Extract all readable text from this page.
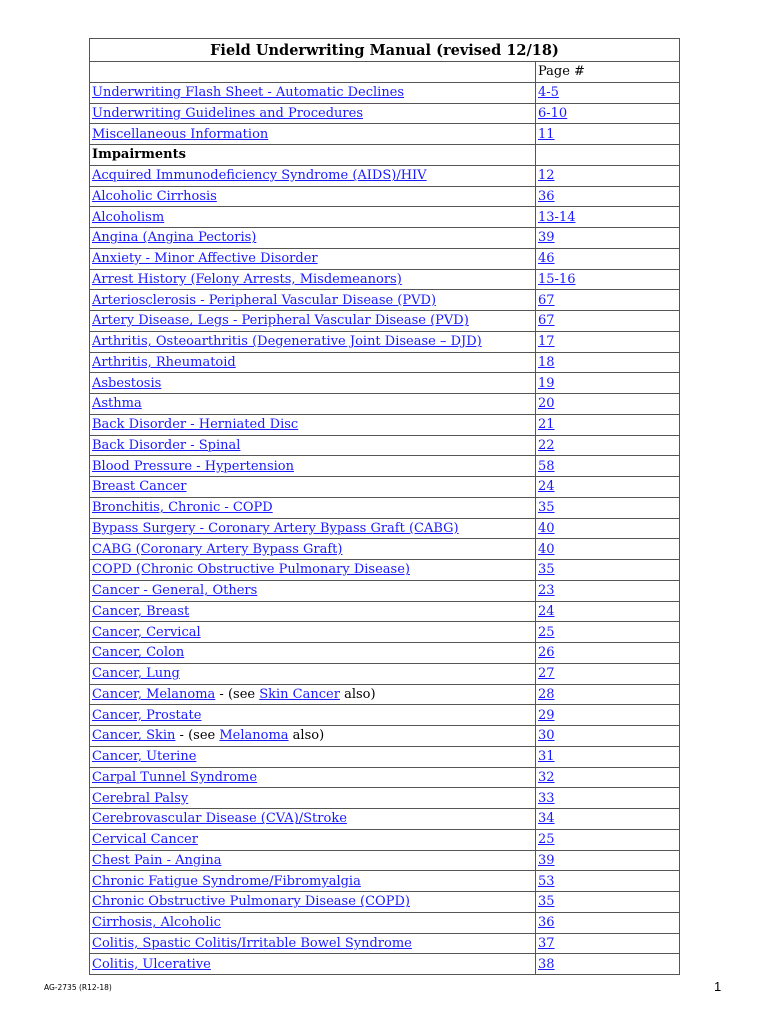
Field Underwriting Manual (revised 12/18)	
	Page #
Underwriting Flash Sheet - Automatic Declines	4-5
Underwriting Guidelines and Procedures	6-10
Miscellaneous Information	11
Impairments	
Acquired Immunodeficiency Syndrome (AIDS)/HIV	12
Alcoholic Cirrhosis	36
Alcoholism	13-14
Angina (Angina Pectoris)	39
Anxiety - Minor Affective Disorder	46
Arrest History (Felony Arrests, Misdemeanors)	15-16
Arteriosclerosis - Peripheral Vascular Disease (PVD)	67
Artery Disease, Legs - Peripheral Vascular Disease (PVD)	67
Arthritis, Osteoarthritis (Degenerative Joint Disease – DJD)	17
Arthritis, Rheumatoid	18
Asbestosis	19
Asthma	20
Back Disorder - Herniated Disc	21
Back Disorder - Spinal	22
Blood Pressure - Hypertension	58
Breast Cancer	24
Bronchitis, Chronic - COPD	35
Bypass Surgery - Coronary Artery Bypass Graft (CABG)	40
CABG (Coronary Artery Bypass Graft)	40
COPD (Chronic Obstructive Pulmonary Disease)	35
Cancer - General, Others	23
Cancer, Breast	24
Cancer, Cervical	25
Cancer, Colon	26
Cancer, Lung	27
Cancer, Melanoma - (see Skin Cancer also)	28
Cancer, Prostate	29
Cancer, Skin - (see Melanoma also)	30
Cancer, Uterine	31
Carpal Tunnel Syndrome	32
Cerebral Palsy	33
Cerebrovascular Disease (CVA)/Stroke	34
Cervical Cancer	25
Chest Pain - Angina	39
Chronic Fatigue Syndrome/Fibromyalgia	53
Chronic Obstructive Pulmonary Disease (COPD)	35
Cirrhosis, Alcoholic	36
Colitis, Spastic Colitis/Irritable Bowel Syndrome	37
Colitis, Ulcerative	38
AG-2735 (R12-18)	1
